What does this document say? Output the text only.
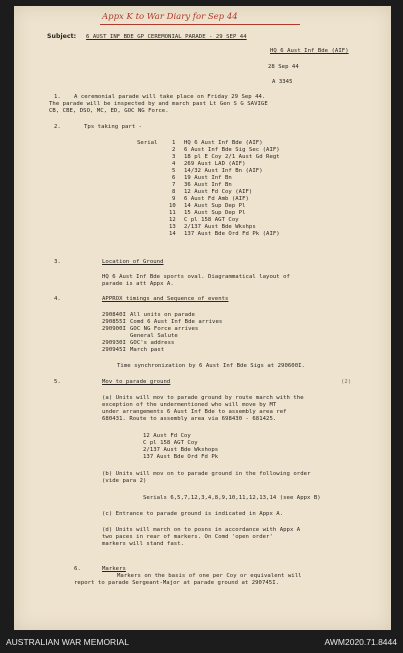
Appx K to War Diary for Sep 44
Subject: 6 AUST INF BDE GP CEREMONIAL PARADE - 29 SEP 44
HQ 6 Aust Inf Bde (AIF)
28 Sep 44
A 3345
1. A ceremonial parade will take place on Friday 29 Sep 44.
The parade will be inspected by and march past Lt Gen S G SAVIGE
CB, CBE, DSO, MC, ED, GOC NG Force.
2.	Tps taking part -
Serial	1 HQ 6 Aust Inf Bde (AIF)
2 6 Aust Inf Bde Sig Sec (AIF)
3 18 pl E Coy 2/1 Aust Gd Regt
4 269 Aust LAD (AIF)
5 14/32 Aust Inf Bn (AIF)
6 19 Aust Inf Bn
7 36 Aust Inf Bn
8 12 Aust Fd Coy (AIF)
9 6 Aust Fd Amb (AIF)
10 14 Aust Sup Dep Pl
11 15 Aust Sup Dep Pl
12 C pl 158 AGT Coy
13 2/137 Aust Bde Wkshps
14 137 Aust Bde Ord Fd Pk (AIF)
3.	Location of Ground
HQ 6 Aust Inf Bde sports oval. Diagrammatical layout of
parade is att Appx A.
4.	APPROX timings and Sequence of events
290840I All units on parade
290855I Comd 6 Aust Inf Bde arrives
290900I GOC NG Force arrives
General Salute
290930I GOC's address
290945I March past
Time synchronization by 6 Aust Inf Bde Sigs at 290600I.
5.	Mov to parade ground	(2)
(a) Units will mov to parade ground by route march with the
exception of the undermentioned who will move by MT
under arrangements 6 Aust Inf Bde to assembly area ref
680431. Route to assembly area via 698430 - 681425.
12 Aust Fd Coy
C pl 158 AGT Coy
2/137 Aust Bde Wkshops
137 Aust Bde Ord Fd Pk
(b) Units will mov on to parade ground in the following order
(vide para 2)
Serials 6,5,7,12,3,4,8,9,10,11,12,13,14 (see Appx B)
(c) Entrance to parade ground is indicated in Appx A.
(d) Units will march on to posns in accordance with Appx A
two paces in rear of markers. On Comd 'open order'
markers will stand fast.
6.	Markers
Markers on the basis of one per Coy or equivalent will
report to parade Sergeant-Major at parade ground at 290745I.
AUSTRALIAN WAR MEMORIAL	AWM2020.71.8444
